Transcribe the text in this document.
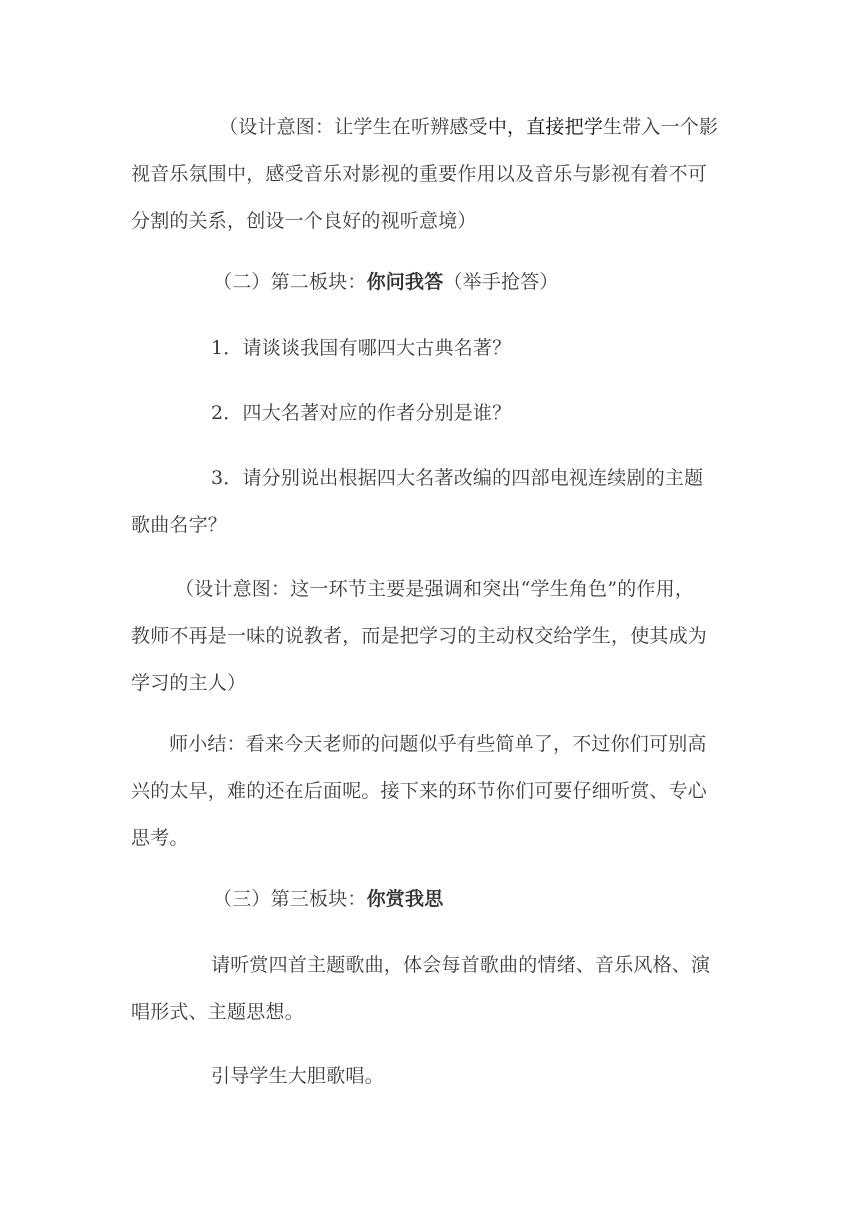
（设计意图：让学生在听辨感受中，直接把学生带入一个影
视音乐氛围中，感受音乐对影视的重要作用以及音乐与影视有着不可
分割的关系，创设一个良好的视听意境）

（二）第二板块：你问我答（举手抢答）

1．请谈谈我国有哪四大古典名著？

2．四大名著对应的作者分别是谁？

3．请分别说出根据四大名著改编的四部电视连续剧的主题
歌曲名字？

（设计意图：这一环节主要是强调和突出“学生角色”的作用，
教师不再是一味的说教者，而是把学习的主动权交给学生，使其成为
学习的主人）

师小结：看来今天老师的问题似乎有些简单了，不过你们可别高
兴的太早，难的还在后面呢。接下来的环节你们可要仔细听赏、专心
思考。

（三）第三板块：你赏我思

请听赏四首主题歌曲，体会每首歌曲的情绪、音乐风格、演
唱形式、主题思想。

引导学生大胆歌唱。
